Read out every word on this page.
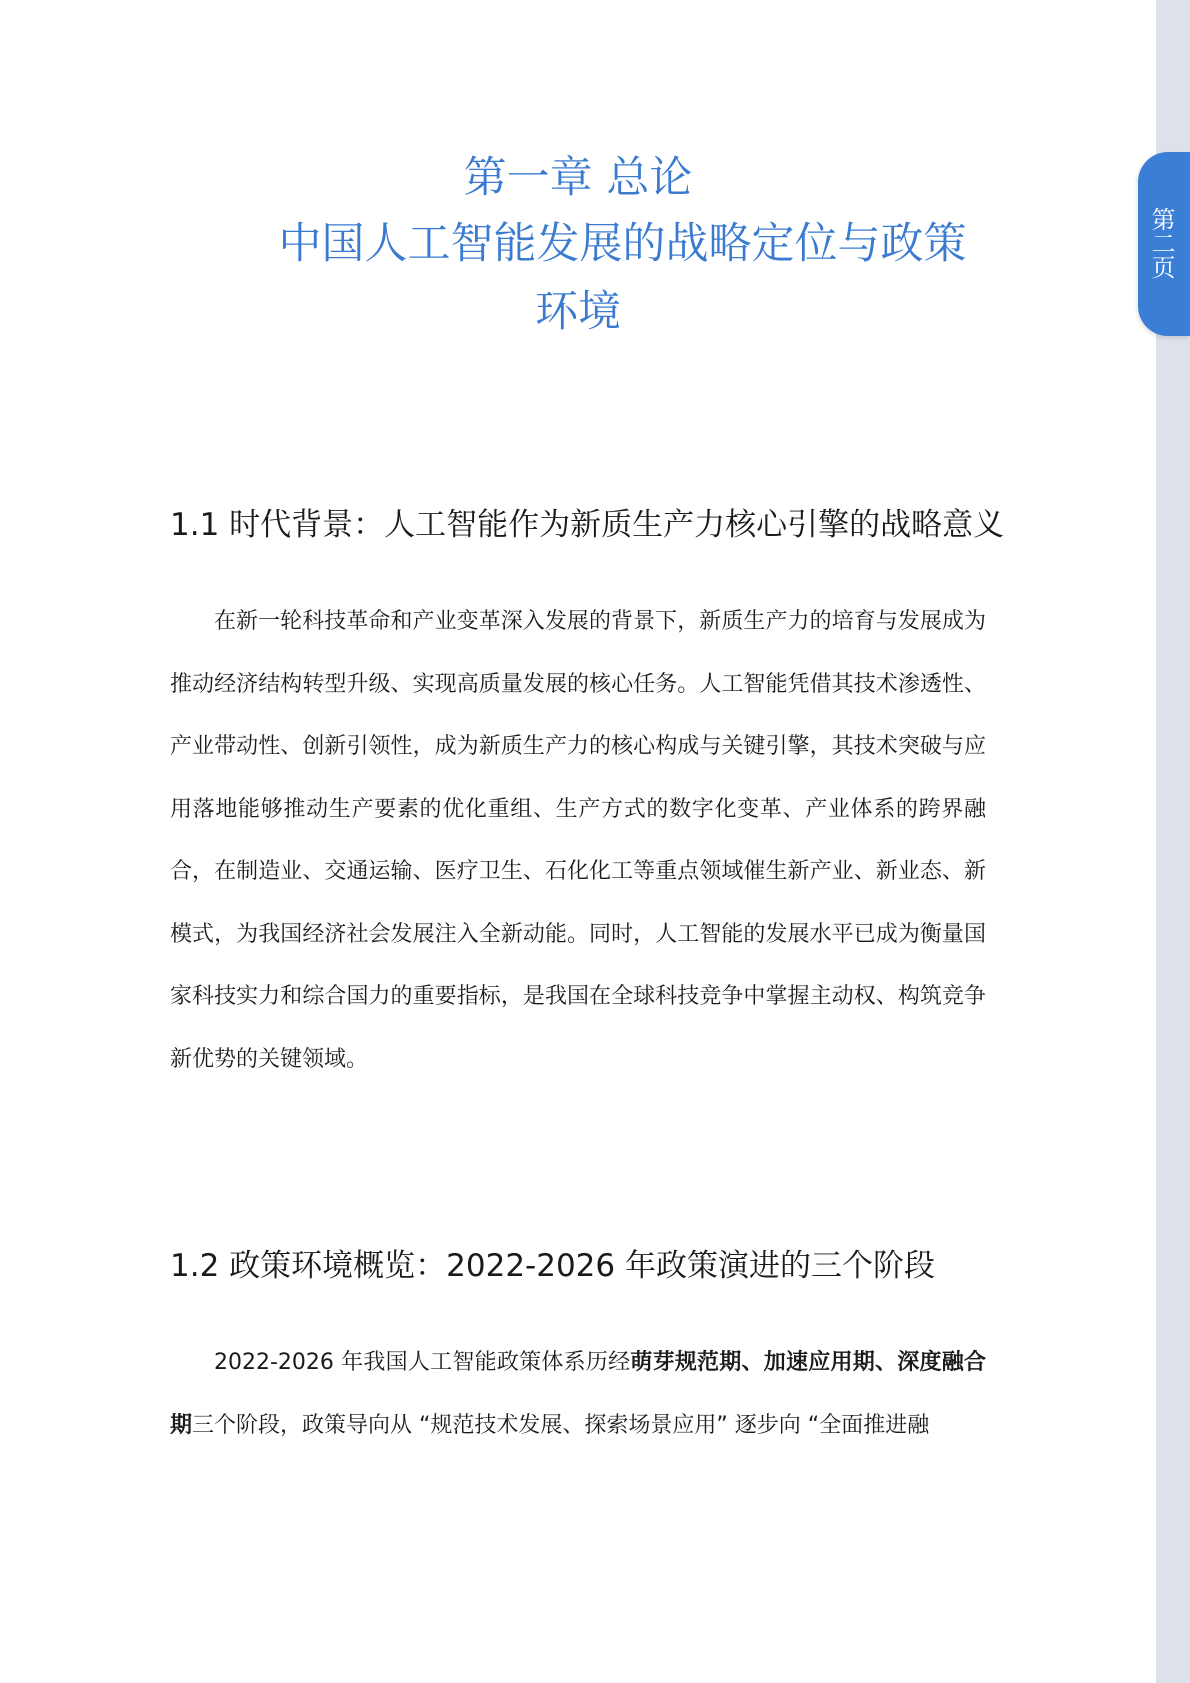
第二页
第一章 总论
中国人工智能发展的战略定位与政策
环境
1.1 时代背景：人工智能作为新质生产力核心引擎的战略意义

在新一轮科技革命和产业变革深入发展的背景下，新质生产力的培育与发展成为推动经济结构转型升级、实现高质量发展的核心任务。人工智能凭借其技术渗透性、产业带动性、创新引领性，成为新质生产力的核心构成与关键引擎，其技术突破与应用落地能够推动生产要素的优化重组、生产方式的数字化变革、产业体系的跨界融合，在制造业、交通运输、医疗卫生、石化化工等重点领域催生新产业、新业态、新模式，为我国经济社会发展注入全新动能。同时，人工智能的发展水平已成为衡量国家科技实力和综合国力的重要指标，是我国在全球科技竞争中掌握主动权、构筑竞争新优势的关键领域。

1.2 政策环境概览：2022-2026 年政策演进的三个阶段

2022-2026 年我国人工智能政策体系历经萌芽规范期、加速应用期、深度融合期三个阶段，政策导向从 “规范技术发展、探索场景应用” 逐步向 “全面推进融
